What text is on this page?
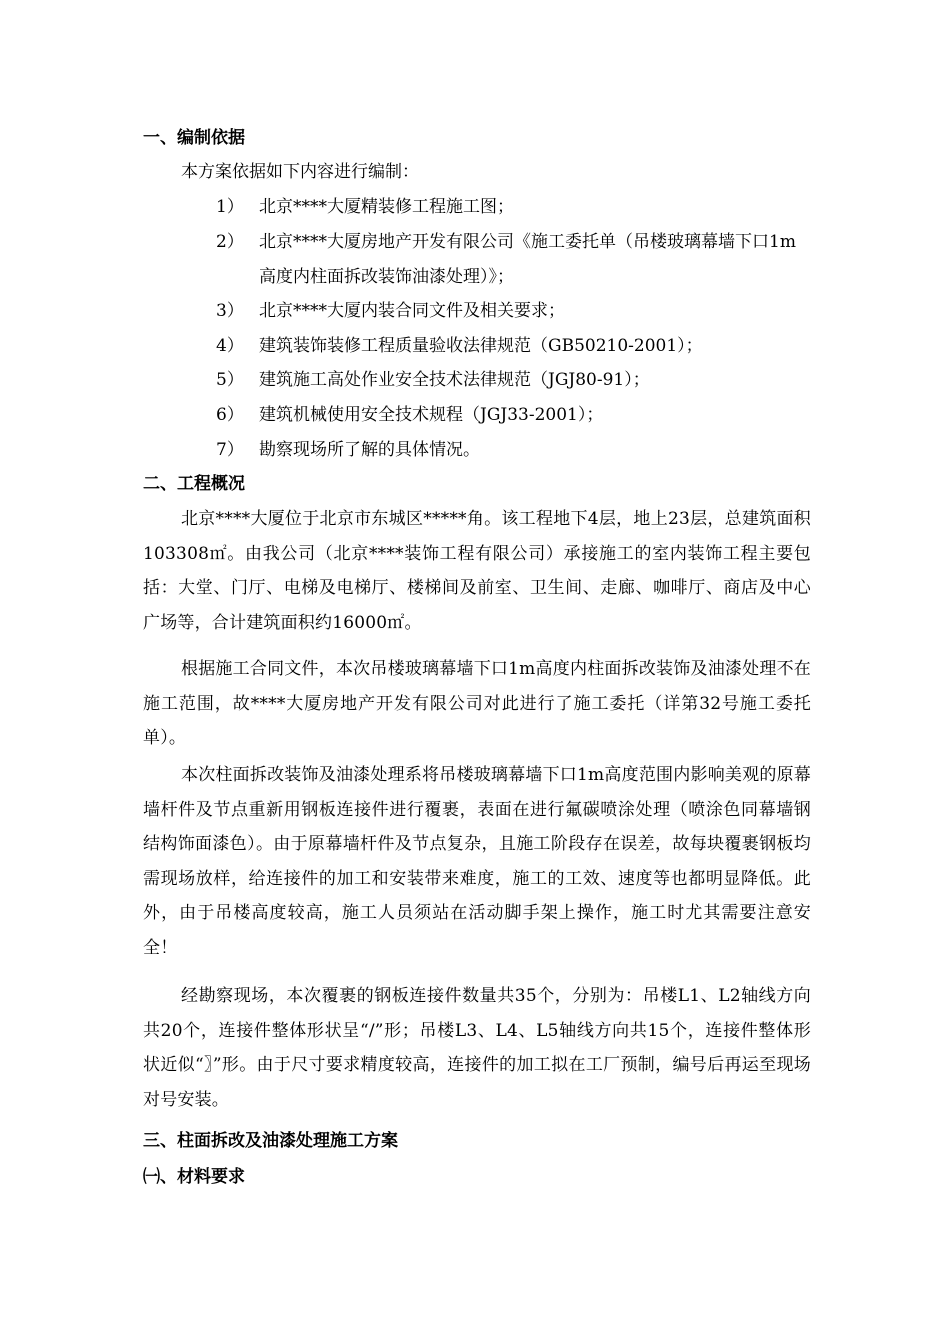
一、编制依据
本方案依据如下内容进行编制：
1） 北京****大厦精装修工程施工图；
2） 北京****大厦房地产开发有限公司《施工委托单（吊楼玻璃幕墙下口1m高度内柱面拆改装饰油漆处理）》；
3） 北京****大厦内装合同文件及相关要求；
4） 建筑装饰装修工程质量验收法律规范（GB50210-2001）；
5） 建筑施工高处作业安全技术法律规范（JGJ80-91）；
6） 建筑机械使用安全技术规程（JGJ33-2001）；
7） 勘察现场所了解的具体情况。
二、工程概况

北京****大厦位于北京市东城区*****角。该工程地下4层，地上23层，总建筑面积103308㎡。由我公司（北京****装饰工程有限公司）承接施工的室内装饰工程主要包括：大堂、门厅、电梯及电梯厅、楼梯间及前室、卫生间、走廊、咖啡厅、商店及中心广场等，合计建筑面积约16000㎡。

根据施工合同文件，本次吊楼玻璃幕墙下口1m高度内柱面拆改装饰及油漆处理不在施工范围，故****大厦房地产开发有限公司对此进行了施工委托（详第32号施工委托单）。

本次柱面拆改装饰及油漆处理系将吊楼玻璃幕墙下口1m高度范围内影响美观的原幕墙杆件及节点重新用钢板连接件进行覆裹，表面在进行氟碳喷涂处理（喷涂色同幕墙钢结构饰面漆色）。由于原幕墙杆件及节点复杂，且施工阶段存在误差，故每块覆裹钢板均需现场放样，给连接件的加工和安装带来难度，施工的工效、速度等也都明显降低。此外，由于吊楼高度较高，施工人员须站在活动脚手架上操作，施工时尤其需要注意安全！

经勘察现场，本次覆裹的钢板连接件数量共35个，分别为：吊楼L1、L2轴线方向共20个，连接件整体形状呈“/”形；吊楼L3、L4、L5轴线方向共15个，连接件整体形状近似“〗”形。由于尺寸要求精度较高，连接件的加工拟在工厂预制，编号后再运至现场对号安装。

三、柱面拆改及油漆处理施工方案
㈠、材料要求
